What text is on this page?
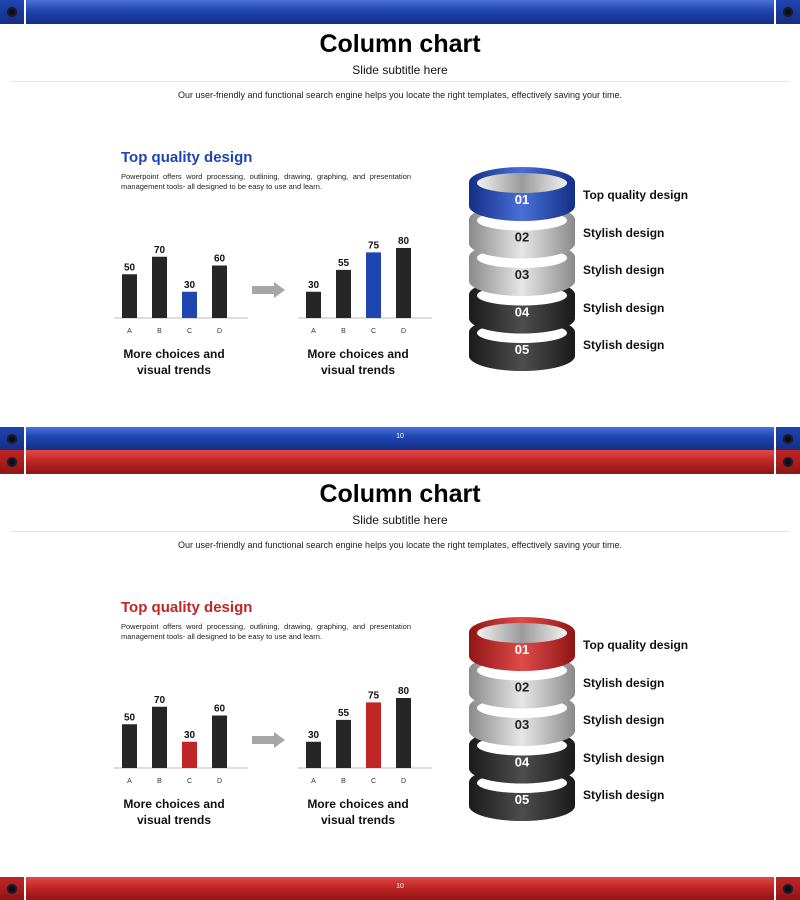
Column chart
Slide subtitle here
Our user-friendly and functional search engine helps you locate the right templates, effectively saving your time.
Top quality design
Powerpoint offers word processing, outlining, drawing, graphing, and presentation management tools- all designed to be easy to use and learn.
50
A
70
B
30
C
60
D
30
A
55
B
75
C
80
D
More choices and
visual trends
More choices and
visual trends
05
04
03
02
01	Top quality design
Stylish design
Stylish design
Stylish design
Stylish design
10
Column chart
Slide subtitle here
Our user-friendly and functional search engine helps you locate the right templates, effectively saving your time.
Top quality design
Powerpoint offers word processing, outlining, drawing, graphing, and presentation management tools- all designed to be easy to use and learn.
50
A
70
B
30
C
60
D
30
A
55
B
75
C
80
D
More choices and
visual trends
More choices and
visual trends
05
04
03
02
01	Top quality design
Stylish design
Stylish design
Stylish design
Stylish design
10
